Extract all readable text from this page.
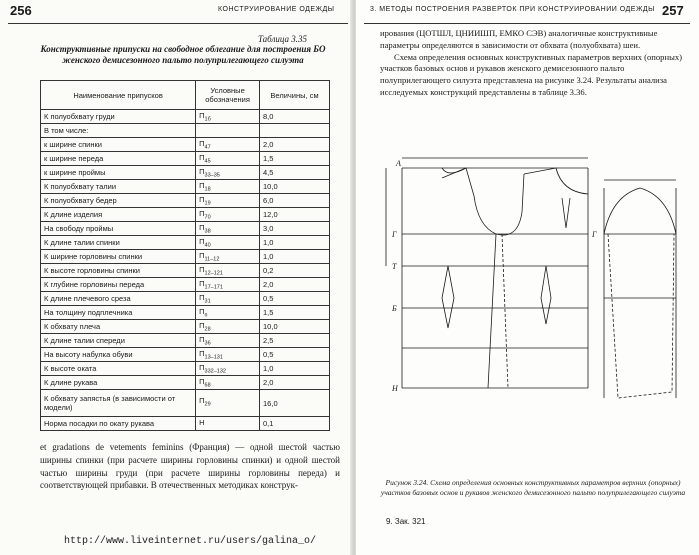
256	КОНСТРУИРОВАНИЕ ОДЕЖДЫ
Таблица 3.35
Конструктивные припуски на свободное облегание для построения БО женского демисезонного пальто полуприлегающего силуэта
Наименование припусков	Условные обозначения	Величины, см
К полуобхвату груди	$П_{1б}$	8,0
В том числе:		
к ширине спинки	$П_{47}$	2,0
к ширине переда	$П_{45}$	1,5
к ширине проймы	$П_{33-35}$	4,5
К полуобхвату талии	$П_{18}$	10,0
К полуобхвату бедер	$П_{19}$	6,0
К длине изделия	$П_{70}$	12,0
На свободу проймы	$П_{38}$	3,0
К длине талии спинки	$П_{40}$	1,0
К ширине горловины спинки	$П_{11-12}$	1,0
К высоте горловины спинки	$П_{12-121}$	0,2
К глубине горловины переда	$П_{17-171}$	2,0
К длине плечевого среза	$П_{31}$	0,5
На толщину подплечника	$П_п$	1,5
К обхвату плеча	$П_{28}$	10,0
К длине талии спереди	$П_{36}$	2,5
На высоту набулка обуви	$П_{13-131}$	0,5
К высоте оката	$П_{332-132}$	1,0
К длине рукава	$П_{68}$	2,0
К обхвату запястья (в зависимости от модели)	$П_{29}$	16,0
Норма посадки по окату рукава	Н	0,1
et gradations de vetements feminins (Франция) — одной шестой частью ширины спинки (при расчете ширины горловины спинки) и одной шестой частью ширины груди (при расчете ширины горловины переда) и соответствующей прибавки. В отечественных методиках конструк-
3. МЕТОДЫ ПОСТРОЕНИЯ РАЗВЕРТОК ПРИ КОНСТРУИРОВАНИИ ОДЕЖДЫ 257

ирования (ЦОТШЛ, ЦНИИШП, ЕМКО СЭВ) аналогичные конструктивные параметры определяются в зависимости от обхвата (полуобхвата) шеи.

Схема определения основных конструктивных параметров верхних (опорных) участков базовых основ и рукавов женского демисезонного пальто полуприлегающего силуэта представлена на рисунке 3.24. Результаты анализа исследуемых конструкций представлены в таблице 3.36.

Г	Г
Т
Б
Н
А
Рисунок 3.24. Схема определения основных конструктивных параметров верхних (опорных) участков базовых основ и рукавов женского демисезонного пальто полуприлегающего силуэта
9. Зак. 321
http://www.liveinternet.ru/users/galina_o/
